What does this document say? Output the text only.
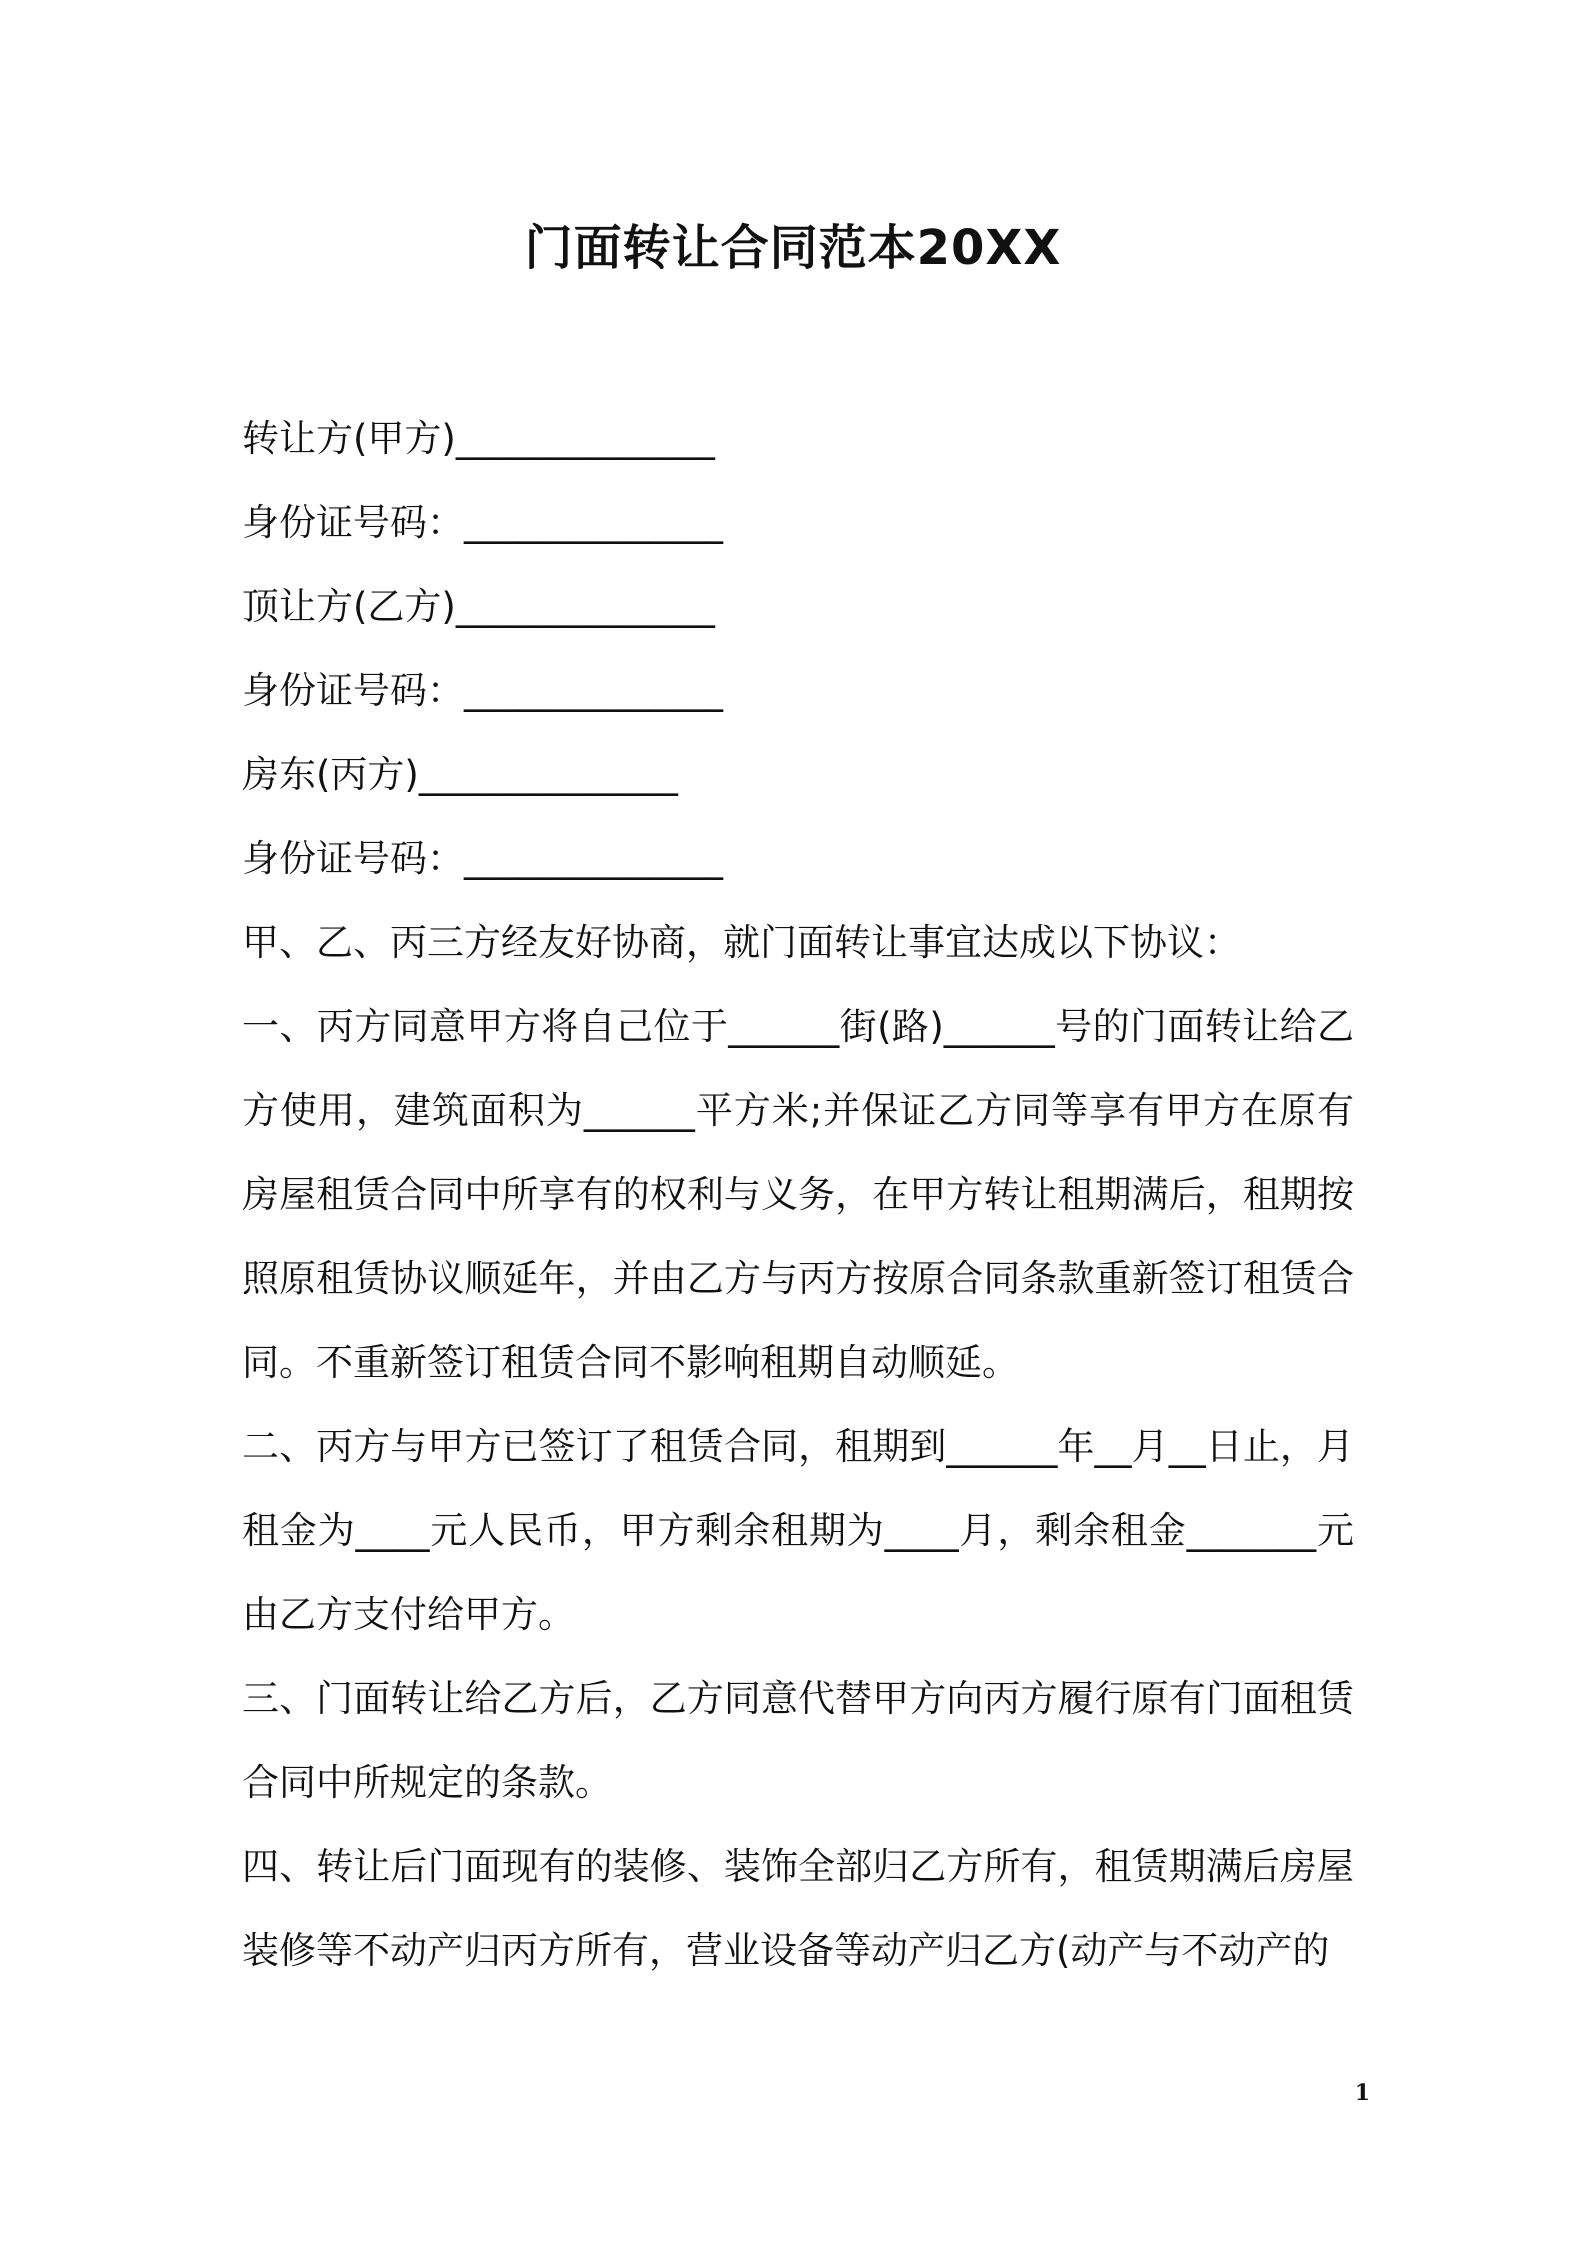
门面转让合同范本20XX
转让方(甲方)______________
身份证号码：______________
顶让方(乙方)______________
身份证号码：______________
房东(丙方)______________
身份证号码：______________
甲、乙、丙三方经友好协商，就门面转让事宜达成以下协议：
一、丙方同意甲方将自己位于______街(路)______号的门面转让给乙方使用，建筑面积为______平方米;并保证乙方同等享有甲方在原有房屋租赁合同中所享有的权利与义务，在甲方转让租期满后，租期按照原租赁协议顺延年，并由乙方与丙方按原合同条款重新签订租赁合同。不重新签订租赁合同不影响租期自动顺延。
二、丙方与甲方已签订了租赁合同，租期到______年__月__日止，月租金为____元人民币，甲方剩余租期为____月，剩余租金_______元由乙方支付给甲方。
三、门面转让给乙方后，乙方同意代替甲方向丙方履行原有门面租赁合同中所规定的条款。
四、转让后门面现有的装修、装饰全部归乙方所有，租赁期满后房屋装修等不动产归丙方所有，营业设备等动产归乙方(动产与不动产的
1
